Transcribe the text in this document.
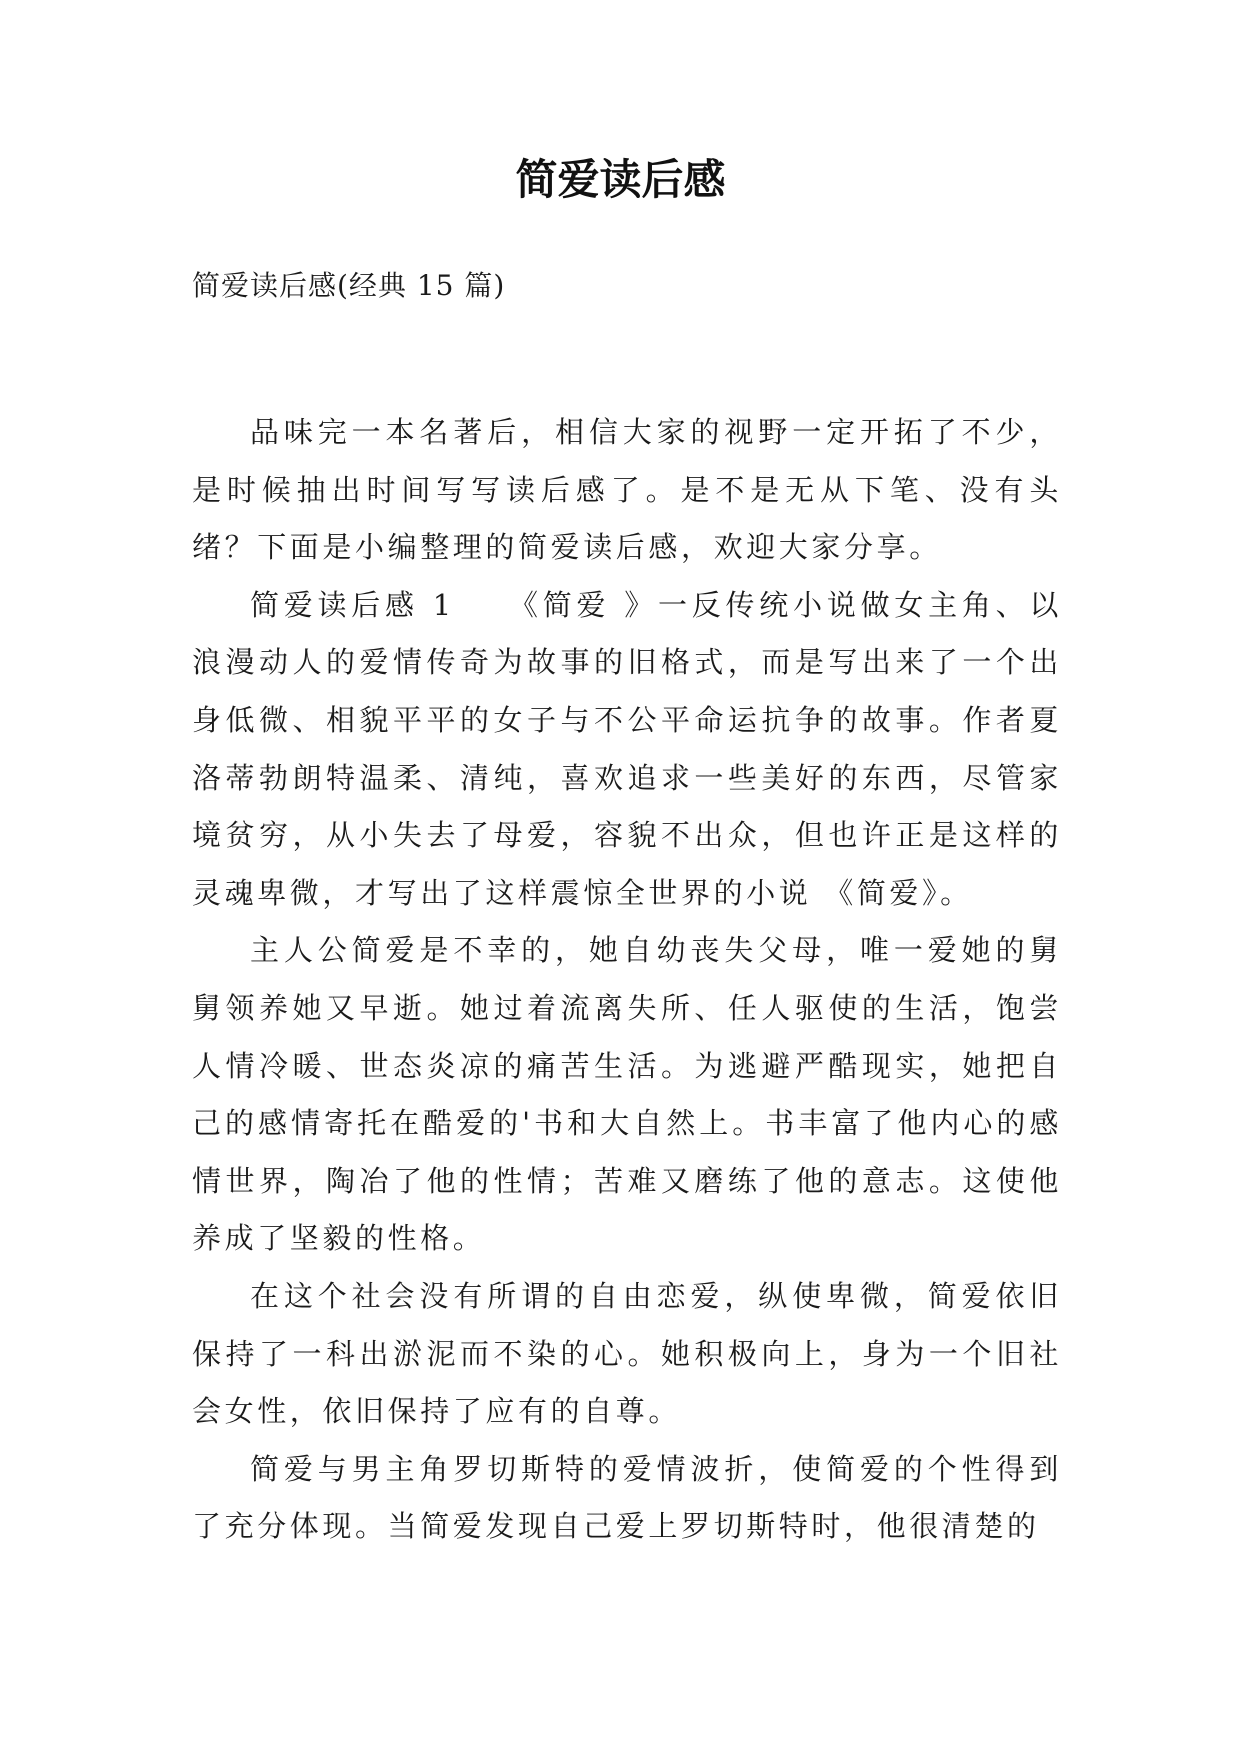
简爱读后感

简爱读后感(经典 15 篇)

品味完一本名著后，相信大家的视野一定开拓了不少，是时候抽出时间写写读后感了。是不是无从下笔、没有头绪？下面是小编整理的简爱读后感，欢迎大家分享。

简爱读后感 1　　《简爱 》一反传统小说做女主角、以浪漫动人的爱情传奇为故事的旧格式，而是写出来了一个出身低微、相貌平平的女子与不公平命运抗争的故事。作者夏洛蒂勃朗特温柔、清纯，喜欢追求一些美好的东西，尽管家境贫穷，从小失去了母爱，容貌不出众，但也许正是这样的灵魂卑微，才写出了这样震惊全世界的小说 《简爱》。

主人公简爱是不幸的，她自幼丧失父母，唯一爱她的舅舅领养她又早逝。她过着流离失所、任人驱使的生活，饱尝人情冷暖、世态炎凉的痛苦生活。为逃避严酷现实，她把自己的感情寄托在酷爱的'书和大自然上。书丰富了他内心的感情世界，陶冶了他的性情；苦难又磨练了他的意志。这使他养成了坚毅的性格。

在这个社会没有所谓的自由恋爱，纵使卑微，简爱依旧保持了一科出淤泥而不染的心。她积极向上，身为一个旧社会女性，依旧保持了应有的自尊。

简爱与男主角罗切斯特的爱情波折，使简爱的个性得到了充分体现。当简爱发现自己爱上罗切斯特时，他很清楚的
